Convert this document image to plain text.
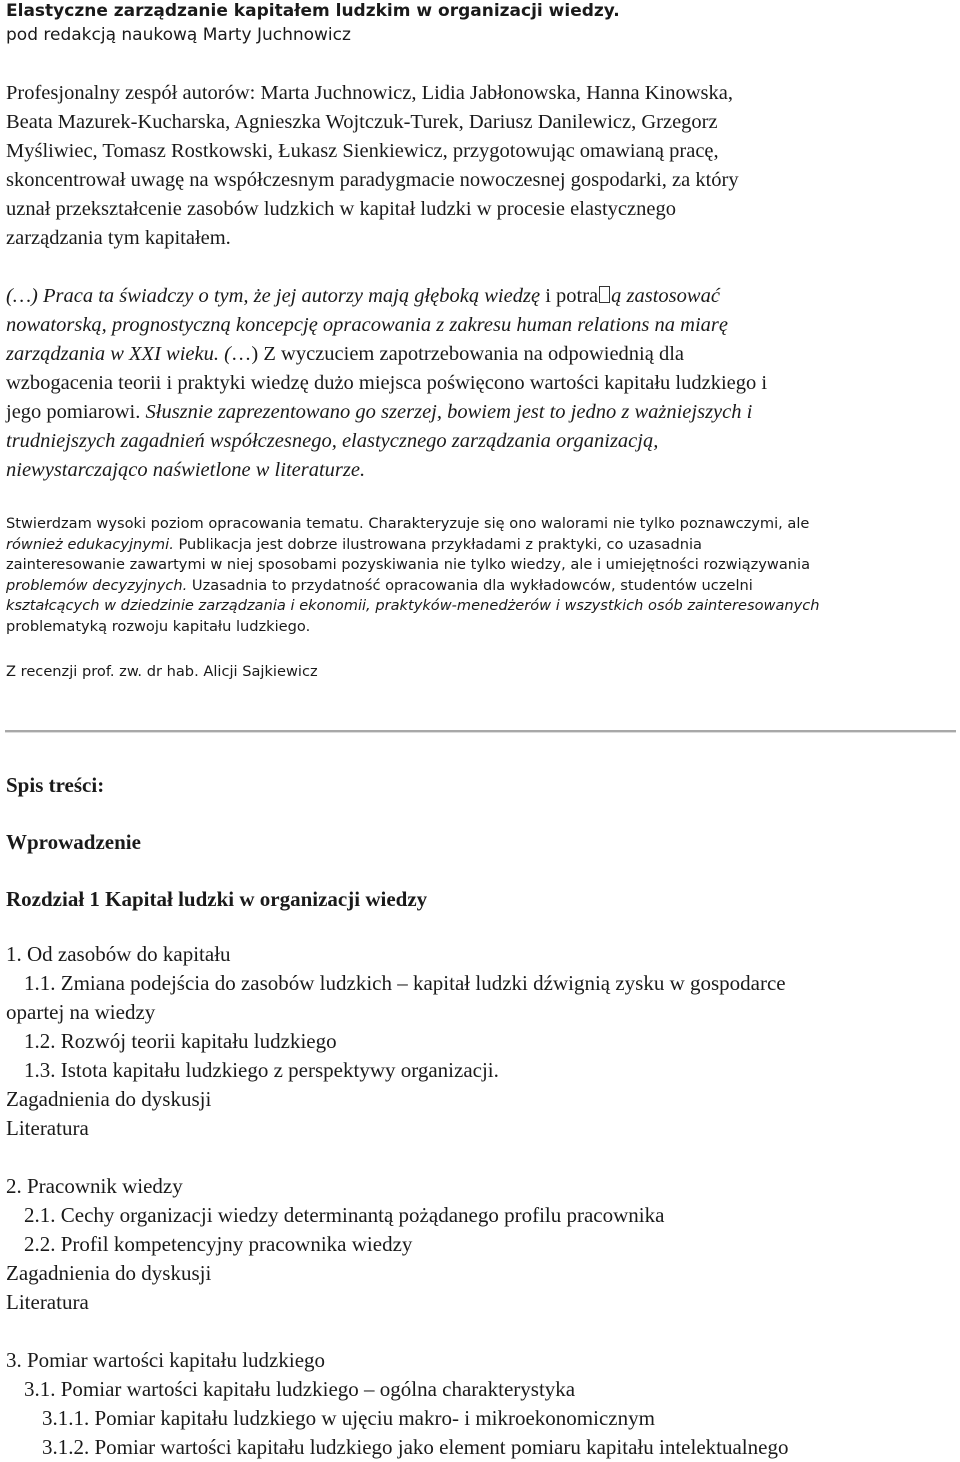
Elastyczne zarządzanie kapitałem ludzkim w organizacji wiedzy.
pod redakcją naukową Marty Juchnowicz
Profesjonalny zespół autorów: Marta Juchnowicz, Lidia Jabłonowska, Hanna Kinowska,
Beata Mazurek-Kucharska, Agnieszka Wojtczuk-Turek, Dariusz Danilewicz, Grzegorz
Myśliwiec, Tomasz Rostkowski, Łukasz Sienkiewicz, przygotowując omawianą pracę,
skoncentrował uwagę na współczesnym paradygmacie nowoczesnej gospodarki, za który
uznał przekształcenie zasobów ludzkich w kapitał ludzki w procesie elastycznego
zarządzania tym kapitałem.
(…) Praca ta świadczy o tym, że jej autorzy mają głęboką wiedzę i potra ą zastosować
nowatorską, prognostyczną koncepcję opracowania z zakresu human relations na miarę
zarządzania w XXI wieku. (…) Z wyczuciem zapotrzebowania na odpowiednią dla
wzbogacenia teorii i praktyki wiedzę dużo miejsca poświęcono wartości kapitału ludzkiego i
jego pomiarowi. Słusznie zaprezentowano go szerzej, bowiem jest to jedno z ważniejszych i
trudniejszych zagadnień współczesnego, elastycznego zarządzania organizacją,
niewystarczająco naświetlone w literaturze.
Stwierdzam wysoki poziom opracowania tematu. Charakteryzuje się ono walorami nie tylko poznawczymi, ale
również edukacyjnymi. Publikacja jest dobrze ilustrowana przykładami z praktyki, co uzasadnia
zainteresowanie zawartymi w niej sposobami pozyskiwania nie tylko wiedzy, ale i umiejętności rozwiązywania
problemów decyzyjnych. Uzasadnia to przydatność opracowania dla wykładowców, studentów uczelni
kształcących w dziedzinie zarządzania i ekonomii, praktyków-menedżerów i wszystkich osób zainteresowanych
problematyką rozwoju kapitału ludzkiego.
Z recenzji prof. zw. dr hab. Alicji Sajkiewicz
Spis treści:
Wprowadzenie
Rozdział 1 Kapitał ludzki w organizacji wiedzy
1. Od zasobów do kapitału
1.1. Zmiana podejścia do zasobów ludzkich – kapitał ludzki dźwignią zysku w gospodarce
opartej na wiedzy
1.2. Rozwój teorii kapitału ludzkiego
1.3. Istota kapitału ludzkiego z perspektywy organizacji.
Zagadnienia do dyskusji
Literatura
2. Pracownik wiedzy
2.1. Cechy organizacji wiedzy determinantą pożądanego profilu pracownika
2.2. Profil kompetencyjny pracownika wiedzy
Zagadnienia do dyskusji
Literatura
3. Pomiar wartości kapitału ludzkiego
3.1. Pomiar wartości kapitału ludzkiego – ogólna charakterystyka
3.1.1. Pomiar kapitału ludzkiego w ujęciu makro- i mikroekonomicznym
3.1.2. Pomiar wartości kapitału ludzkiego jako element pomiaru kapitału intelektualnego
